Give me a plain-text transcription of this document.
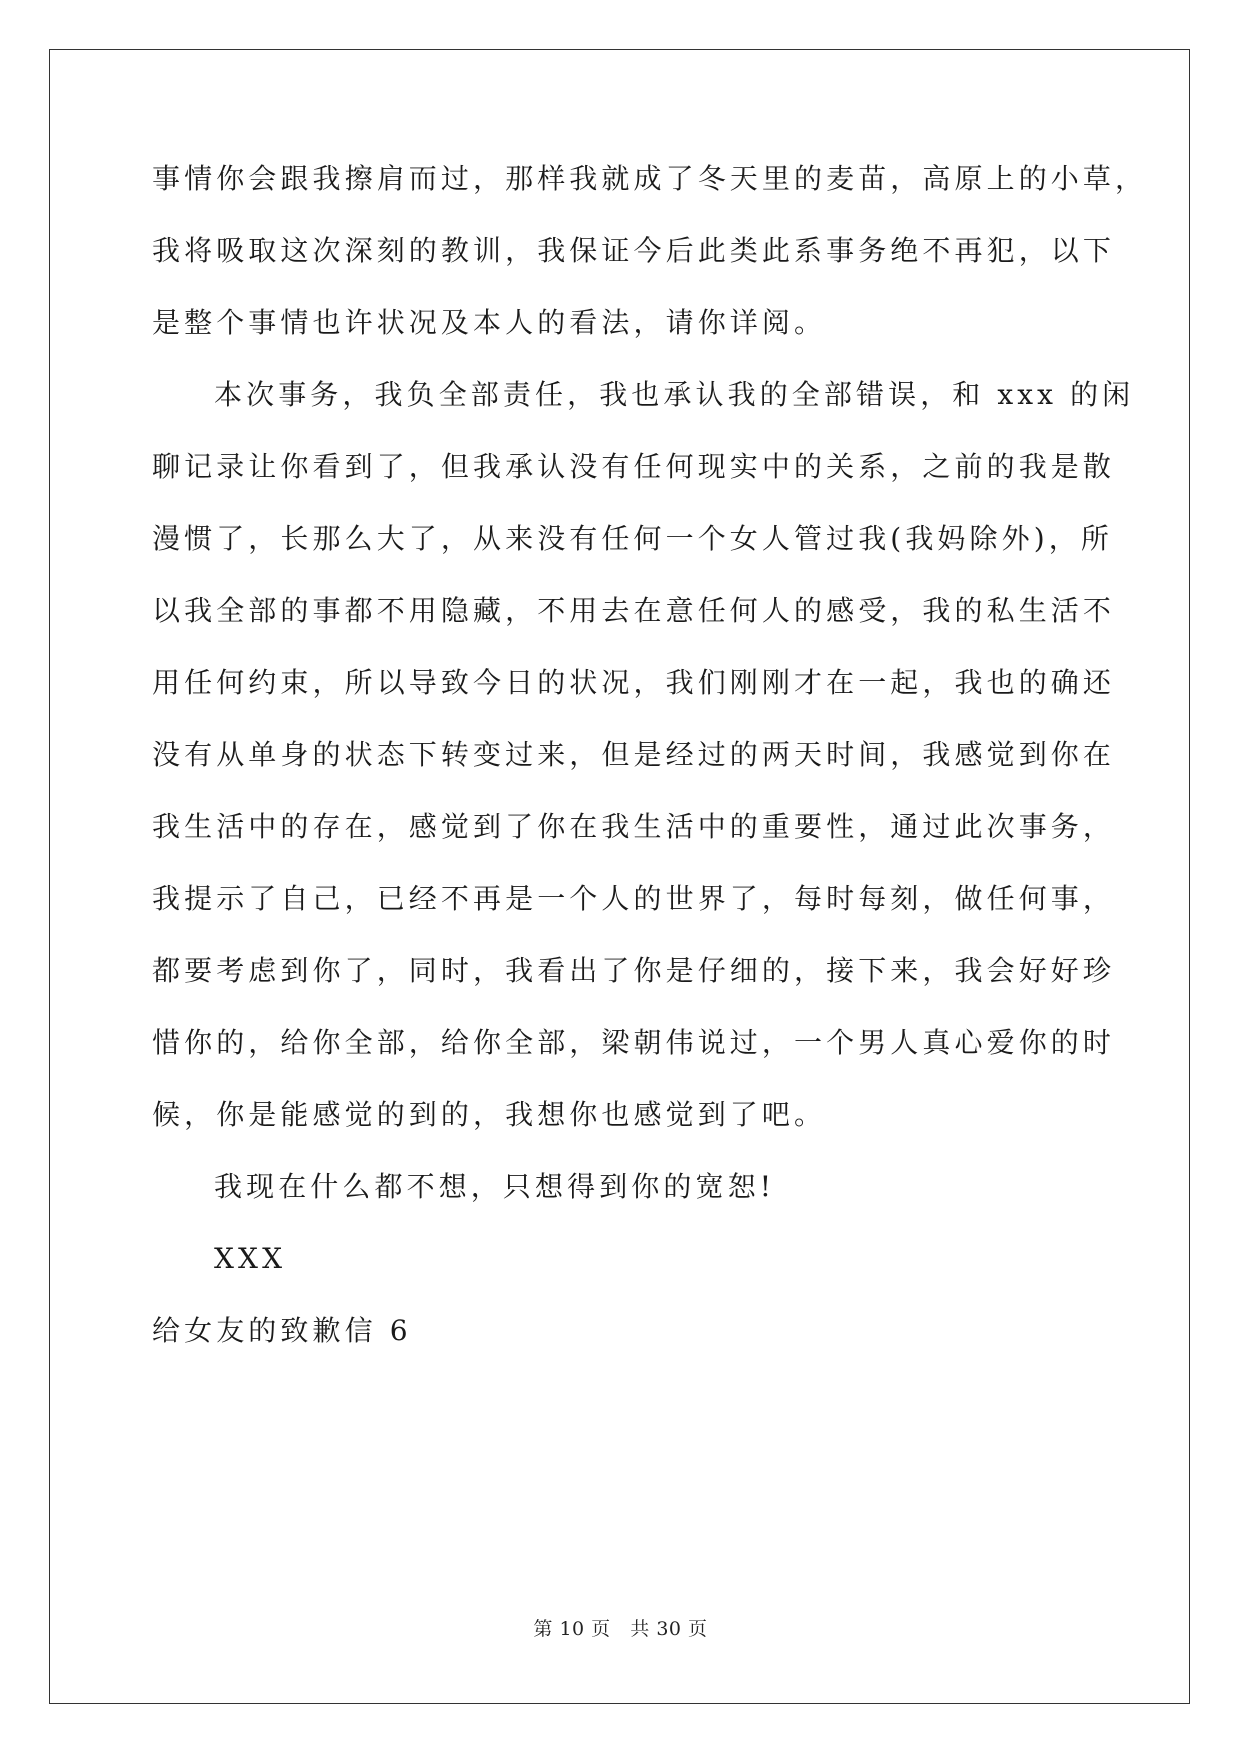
事情你会跟我擦肩而过，那样我就成了冬天里的麦苗，高原上的小草，
我将吸取这次深刻的教训，我保证今后此类此系事务绝不再犯，以下
是整个事情也许状况及本人的看法，请你详阅。
本次事务，我负全部责任，我也承认我的全部错误，和 xxx 的闲
聊记录让你看到了，但我承认没有任何现实中的关系，之前的我是散
漫惯了，长那么大了，从来没有任何一个女人管过我(我妈除外)，所
以我全部的事都不用隐藏，不用去在意任何人的感受，我的私生活不
用任何约束，所以导致今日的状况，我们刚刚才在一起，我也的确还
没有从单身的状态下转变过来，但是经过的两天时间，我感觉到你在
我生活中的存在，感觉到了你在我生活中的重要性，通过此次事务，
我提示了自己，已经不再是一个人的世界了，每时每刻，做任何事，
都要考虑到你了，同时，我看出了你是仔细的，接下来，我会好好珍
惜你的，给你全部，给你全部，梁朝伟说过，一个男人真心爱你的时
候，你是能感觉的到的，我想你也感觉到了吧。
我现在什么都不想，只想得到你的宽恕!
XXX
给女友的致歉信 6
第 10 页   共 30 页
